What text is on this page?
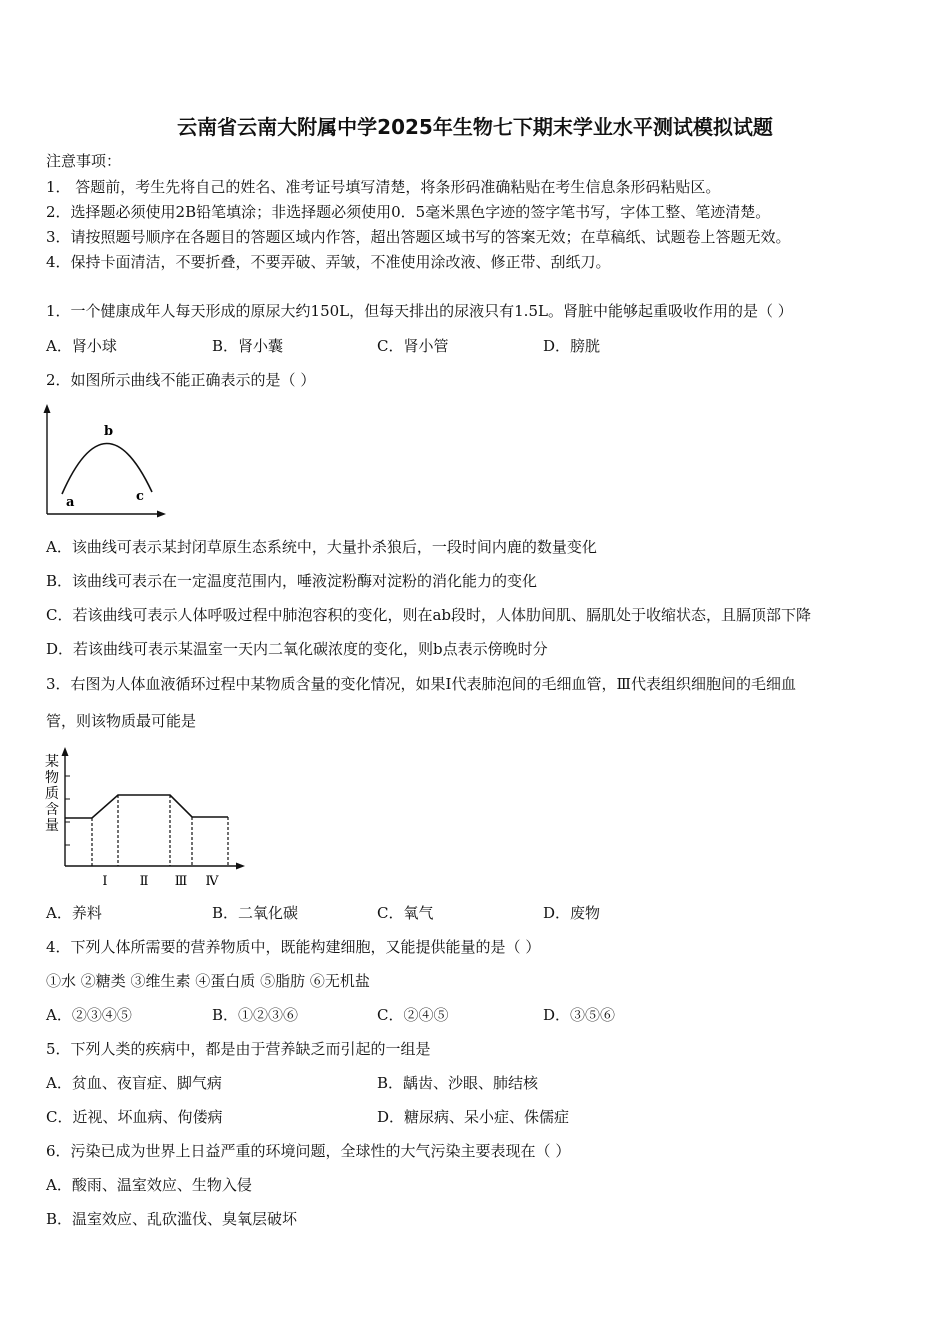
云南省云南大附属中学2025年生物七下期末学业水平测试模拟试题
注意事项：
1． 答题前，考生先将自己的姓名、准考证号填写清楚，将条形码准确粘贴在考生信息条形码粘贴区。
2．选择题必须使用2B铅笔填涂；非选择题必须使用0．5毫米黑色字迹的签字笔书写，字体工整、笔迹清楚。
3．请按照题号顺序在各题目的答题区域内作答，超出答题区域书写的答案无效；在草稿纸、试题卷上答题无效。
4．保持卡面清洁，不要折叠，不要弄破、弄皱，不准使用涂改液、修正带、刮纸刀。
1．一个健康成年人每天形成的原尿大约150L，但每天排出的尿液只有1.5L。肾脏中能够起重吸收作用的是（ ）
A．肾小球	B．肾小囊	C．肾小管	D．膀胱
2．如图所示曲线不能正确表示的是（ ）
a
b
c
A．该曲线可表示某封闭草原生态系统中，大量扑杀狼后，一段时间内鹿的数量变化
B．该曲线可表示在一定温度范围内，唾液淀粉酶对淀粉的消化能力的变化
C．若该曲线可表示人体呼吸过程中肺泡容积的变化，则在ab段时，人体肋间肌、膈肌处于收缩状态，且膈顶部下降
D．若该曲线可表示某温室一天内二氧化碳浓度的变化，则b点表示傍晚时分
3．右图为人体血液循环过程中某物质含量的变化情况，如果Ⅰ代表肺泡间的毛细血管，Ⅲ代表组织细胞间的毛细血
管，则该物质最可能是
某
物
质
含
量
Ⅰ Ⅱ Ⅲ Ⅳ
A．养料	B．二氧化碳	C．氧气	D．废物
4．下列人体所需要的营养物质中，既能构建细胞，又能提供能量的是（ ）
①水 ②糖类 ③维生素 ④蛋白质 ⑤脂肪 ⑥无机盐
A．②③④⑤	B．①②③⑥	C．②④⑤	D．③⑤⑥
5．下列人类的疾病中，都是由于营养缺乏而引起的一组是
A．贫血、夜盲症、脚气病	B．龋齿、沙眼、肺结核
C．近视、坏血病、佝偻病	D．糖尿病、呆小症、侏儒症
6．污染已成为世界上日益严重的环境问题，全球性的大气污染主要表现在（ ）
A．酸雨、温室效应、生物入侵
B．温室效应、乱砍滥伐、臭氧层破坏
